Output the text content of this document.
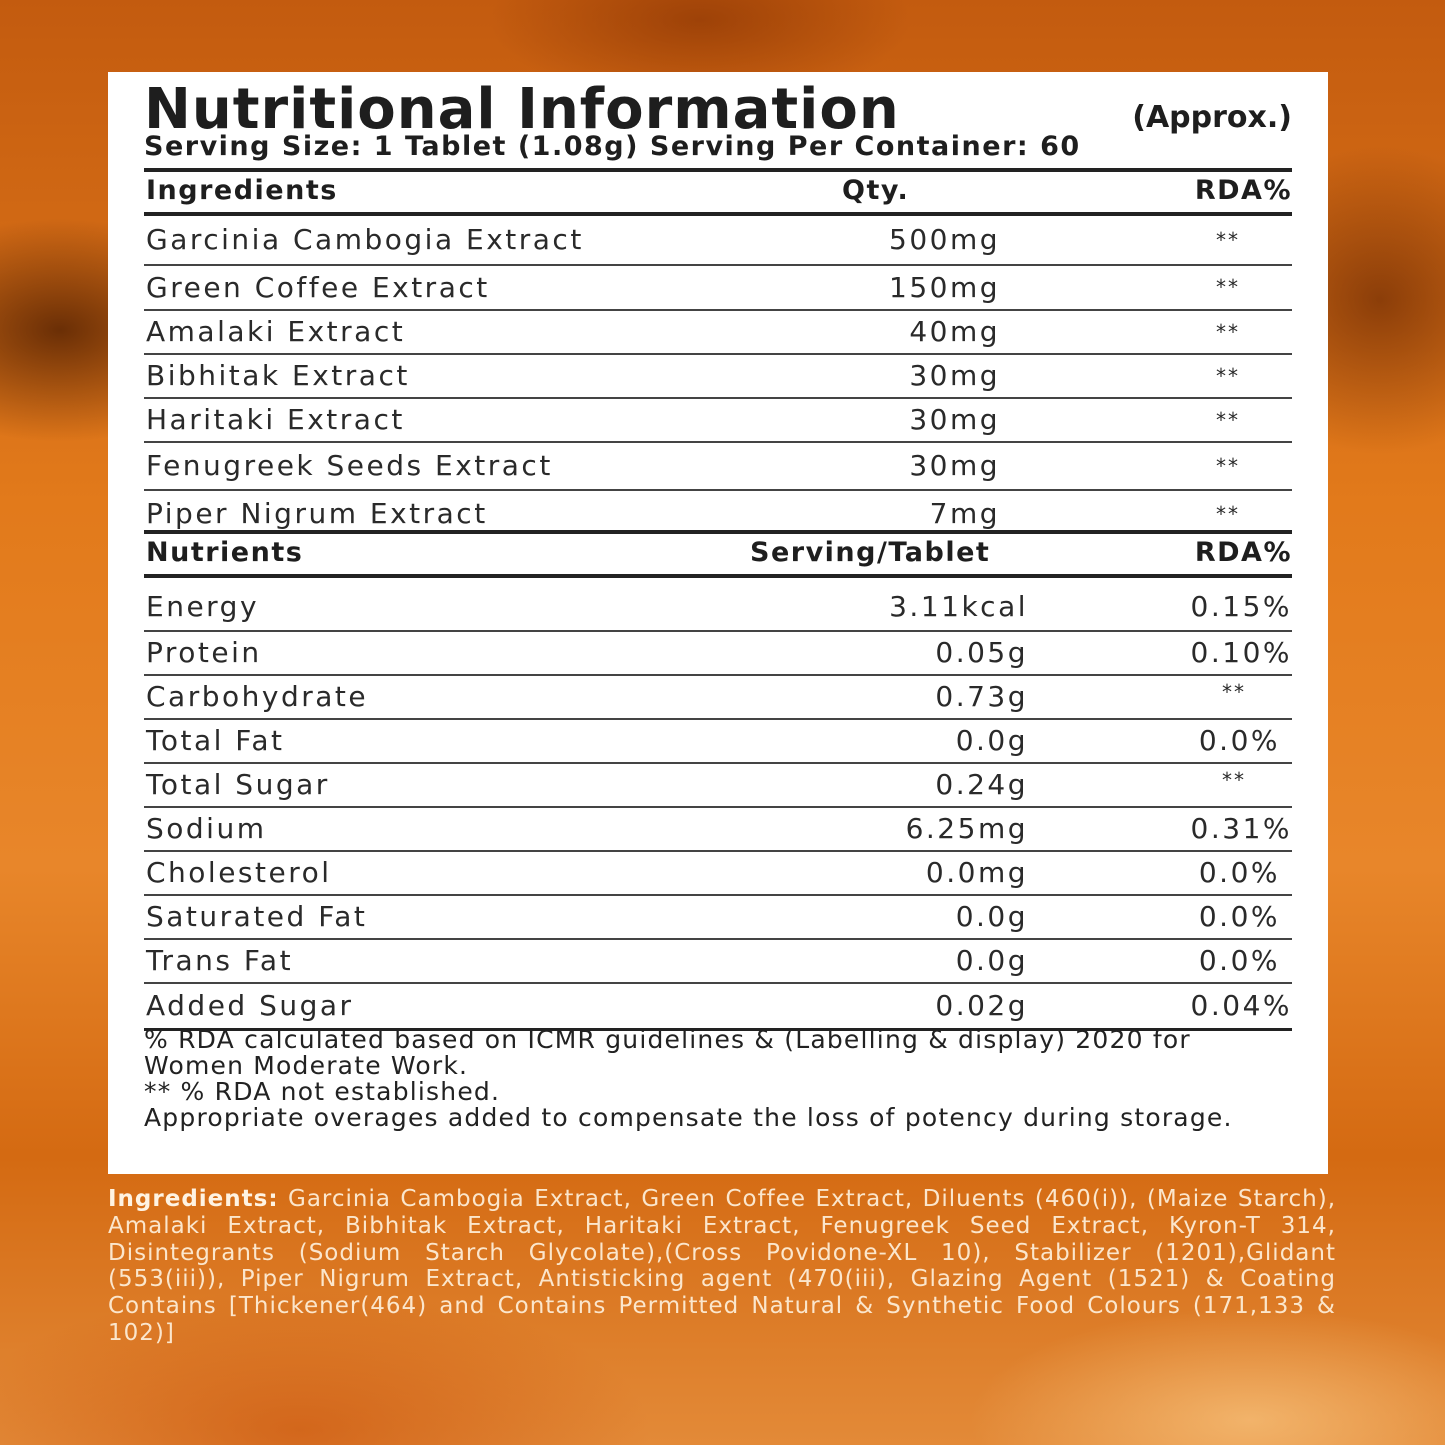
Nutritional Information	(Approx.)
Serving Size: 1 Tablet (1.08g) Serving Per Container: 60
Ingredients	Qty.	RDA%
Garcinia Cambogia Extract	500mg	**
Green Coffee Extract	150mg	**
Amalaki Extract	40mg	**
Bibhitak Extract	30mg	**
Haritaki Extract	30mg	**
Fenugreek Seeds Extract	30mg	**
Piper Nigrum Extract	7mg	**
Nutrients	Serving/Tablet	RDA%
Energy	3.11kcal	0.15%
Protein	0.05g	0.10%
Carbohydrate	0.73g	**
Total Fat	0.0g	0.0%
Total Sugar	0.24g	**
Sodium	6.25mg	0.31%
Cholesterol	0.0mg	0.0%
Saturated Fat	0.0g	0.0%
Trans Fat	0.0g	0.0%
Added Sugar	0.02g	0.04%

% RDA calculated based on ICMR guidelines & (Labelling & display) 2020 for Women Moderate Work.

** % RDA not established.

Appropriate overages added to compensate the loss of potency during storage.

Ingredients: Garcinia Cambogia Extract, Green Coffee Extract, Diluents (460(i)), (Maize Starch), Amalaki Extract, Bibhitak Extract, Haritaki Extract, Fenugreek Seed Extract, Kyron-T 314, Disintegrants (Sodium Starch Glycolate),(Cross Povidone-XL 10), Stabilizer (1201),Glidant (553(iii)), Piper Nigrum Extract, Antisticking agent (470(iii), Glazing Agent (1521) & Coating Contains [Thickener(464) and Contains Permitted Natural & Synthetic Food Colours (171,133 & 102)]
